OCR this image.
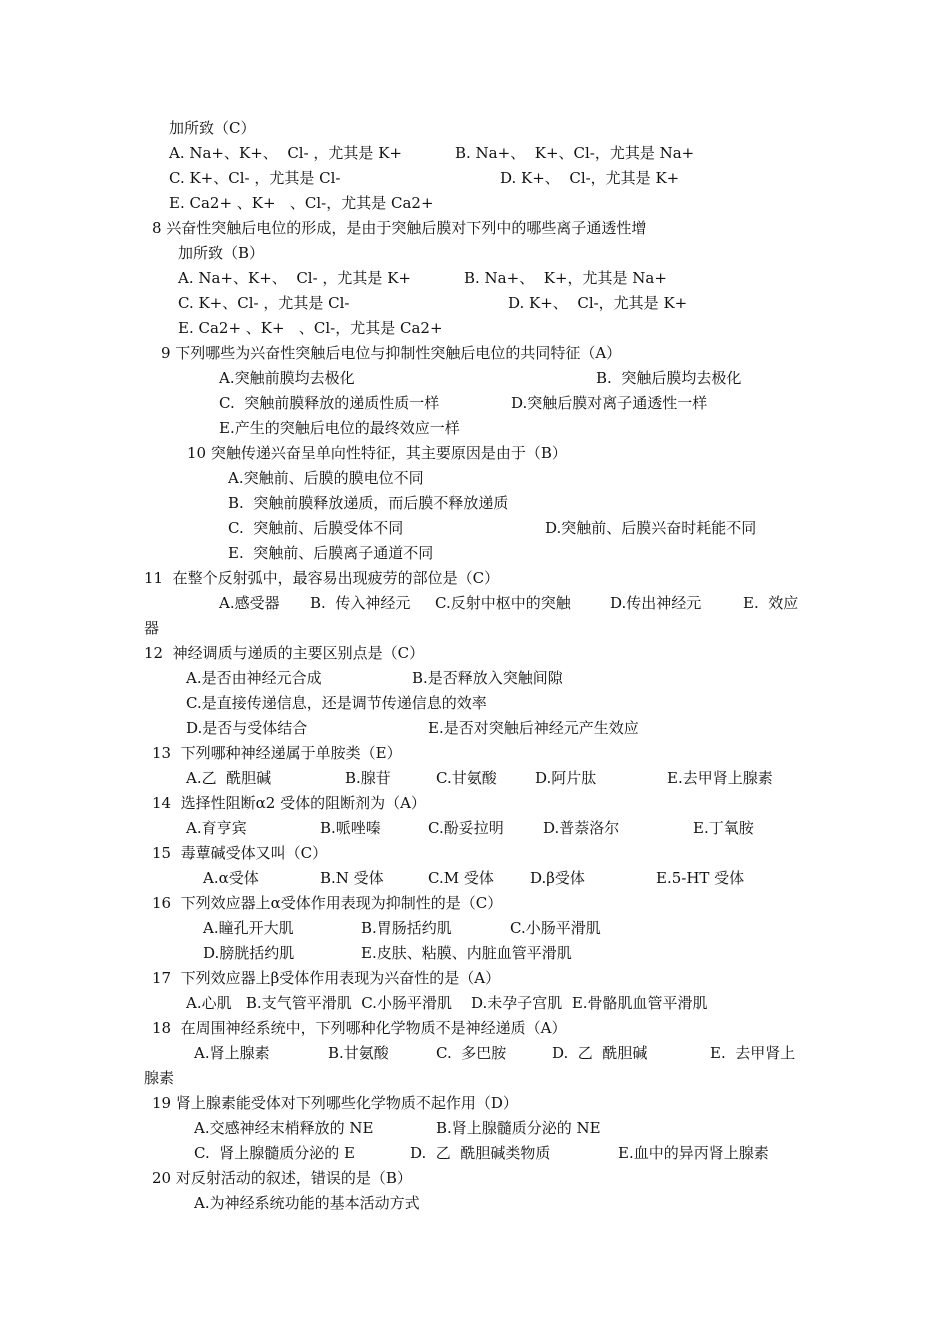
加所致（C）
A. Na+、K+、  Cl- ，尤其是 K+	B. Na+、  K+、Cl-，尤其是 Na+
C. K+、Cl- ，尤其是 Cl-	D. K+、  Cl-，尤其是 K+
E. Ca2+ 、K+   、Cl-，尤其是 Ca2+
8 兴奋性突触后电位的形成，是由于突触后膜对下列中的哪些离子通透性增
加所致（B）
A. Na+、K+、  Cl- ，尤其是 K+	B. Na+、  K+，尤其是 Na+
C. K+、Cl- ，尤其是 Cl-	D. K+、  Cl-，尤其是 K+
E. Ca2+ 、K+   、Cl-，尤其是 Ca2+
9 下列哪些为兴奋性突触后电位与抑制性突触后电位的共同特征（A）
A.突触前膜均去极化	B.  突触后膜均去极化
C.  突触前膜释放的递质性质一样	D.突触后膜对离子通透性一样
E.产生的突触后电位的最终效应一样
10 突触传递兴奋呈单向性特征，其主要原因是由于（B）
A.突触前、后膜的膜电位不同
B.  突触前膜释放递质，而后膜不释放递质
C.  突触前、后膜受体不同	D.突触前、后膜兴奋时耗能不同
E.  突触前、后膜离子通道不同
11  在整个反射弧中，最容易出现疲劳的部位是（C）
A.感受器 B.  传入神经元 C.反射中枢中的突触	D.传出神经元	E.  效应
器
12  神经调质与递质的主要区别点是（C）
A.是否由神经元合成	B.是否释放入突触间隙
C.是直接传递信息，还是调节传递信息的效率
D.是否与受体结合	E.是否对突触后神经元产生效应
13  下列哪种神经递属于单胺类（E）
A.乙  酰胆碱	B.腺苷	C.甘氨酸	D.阿片肽	E.去甲肾上腺素
14  选择性阻断α2 受体的阻断剂为（A）
A.育亨宾	B.哌唑嗪	C.酚妥拉明	D.普萘洛尔	E.丁氧胺
15  毒蕈碱受体又叫（C）
A.α受体	B.N 受体	C.M 受体 D.β受体	E.5-HT 受体
16  下列效应器上α受体作用表现为抑制性的是（C）
A.瞳孔开大肌	B.胃肠括约肌	C.小肠平滑肌
D.膀胱括约肌	E.皮肤、粘膜、内脏血管平滑肌
17  下列效应器上β受体作用表现为兴奋性的是（A）
A.心肌   B.支气管平滑肌  C.小肠平滑肌    D.未孕子宫肌  E.骨骼肌血管平滑肌
18  在周围神经系统中，下列哪种化学物质不是神经递质（A）
A.肾上腺素	B.甘氨酸	C.  多巴胺	D.  乙  酰胆碱	E.  去甲肾上
腺素
19 肾上腺素能受体对下列哪些化学物质不起作用（D）
A.交感神经末梢释放的 NE	B.肾上腺髓质分泌的 NE
C.  肾上腺髓质分泌的 E	D.  乙  酰胆碱类物质	E.血中的异丙肾上腺素
20 对反射活动的叙述，错误的是（B）
A.为神经系统功能的基本活动方式
